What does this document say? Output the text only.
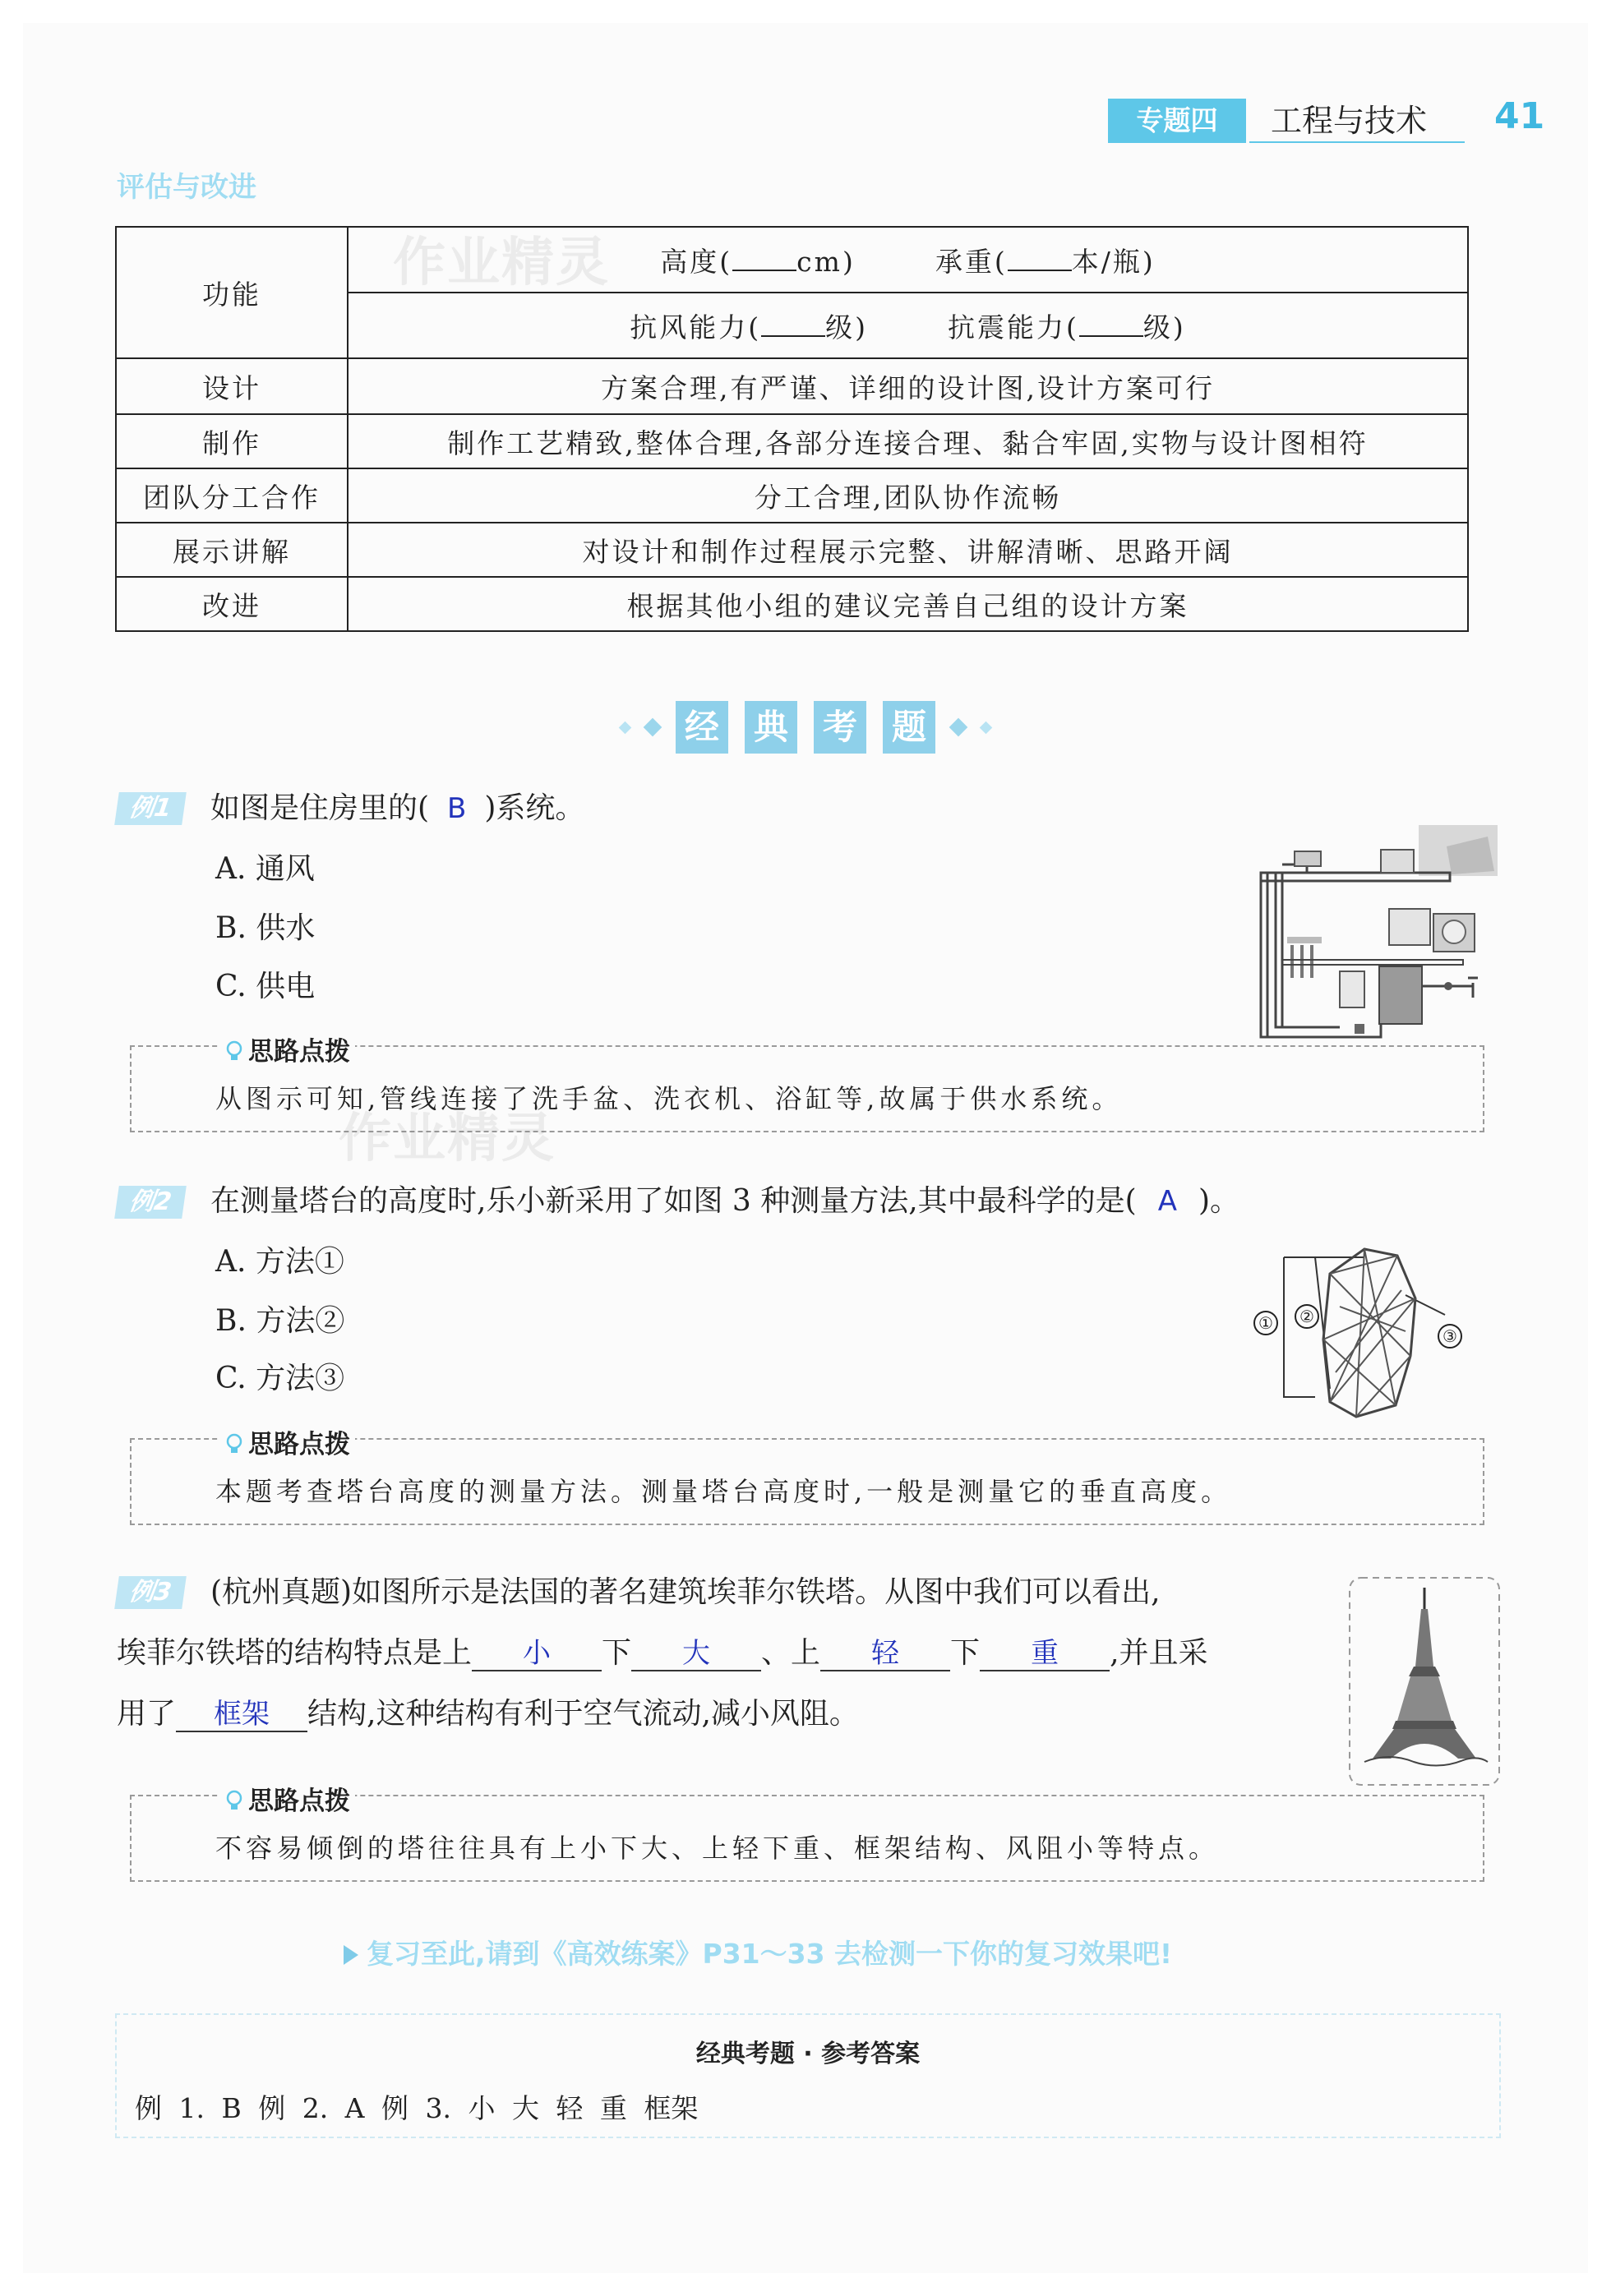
专题四	工程与技术 41
评估与改进
功能	高度( cm) 承重( 本/瓶)
	抗风能力( 级) 抗震能力( 级)
设计	方案合理,有严谨、详细的设计图,设计方案可行
制作	制作工艺精致,整体合理,各部分连接合理、黏合牢固,实物与设计图相符
团队分工合作	分工合理,团队协作流畅
展示讲解	对设计和制作过程展示完整、讲解清晰、思路开阔
改进	根据其他小组的建议完善自己组的设计方案
作业精灵
经 典 考 题
例1	如图是住房里的( B )系统。
A. 通风
B. 供水
C. 供电
思路点拨
从图示可知,管线连接了洗手盆、洗衣机、浴缸等,故属于供水系统。
作业精灵
例2	在测量塔台的高度时,乐小新采用了如图 3 种测量方法,其中最科学的是( A )。
A. 方法①
B. 方法②
C. 方法③
① ②
③
思路点拨
本题考查塔台高度的测量方法。测量塔台高度时,一般是测量它的垂直高度。
例3	(杭州真题)如图所示是法国的著名建筑埃菲尔铁塔。从图中我们可以看出,
埃菲尔铁塔的结构特点是上 小 下 大 、上 轻 下 重 ,并且采
用了 框架 结构,这种结构有利于空气流动,减小风阻。
思路点拨
不容易倾倒的塔往往具有上小下大、上轻下重、框架结构、风阻小等特点。
复习至此,请到《高效练案》P31～33 去检测一下你的复习效果吧!
经典考题 · 参考答案
例 1. B 例 2. A 例 3. 小 大 轻 重 框架
